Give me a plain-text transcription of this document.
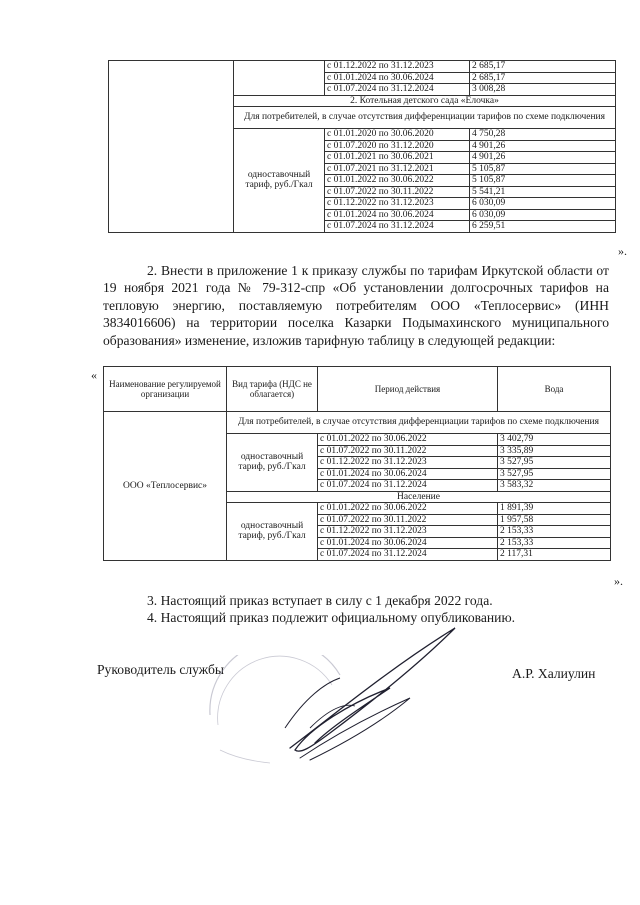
		с 01.12.2022 по 31.12.2023	2 685,17
		с 01.01.2024 по 30.06.2024	2 685,17
		с 01.07.2024 по 31.12.2024	3 008,28
	2. Котельная детского сада «Ёлочка»		
	Для потребителей, в случае отсутствия дифференциации тарифов по схеме подключения		
	одноставочный тариф, руб./Гкал	с 01.01.2020 по 30.06.2020	4 750,28
		с 01.07.2020 по 31.12.2020	4 901,26
		с 01.01.2021 по 30.06.2021	4 901,26
		с 01.07.2021 по 31.12.2021	5 105,87
		с 01.01.2022 по 30.06.2022	5 105,87
		с 01.07.2022 по 30.11.2022	5 541,21
		с 01.12.2022 по 31.12.2023	6 030,09
		с 01.01.2024 по 30.06.2024	6 030,09
		с 01.07.2024 по 31.12.2024	6 259,51
».
2. Внести в приложение 1 к приказу службы по тарифам Иркутской области от 19 ноября 2021 года № 79-312-спр «Об установлении долгосрочных тарифов на тепловую энергию, поставляемую потребителям ООО «Теплосервис» (ИНН 3834016606) на территории поселка Казарки Подымахинского муниципального образования» изменение, изложив тарифную таблицу в следующей редакции:
«
Наименование регулируемой организации	Вид тарифа (НДС не облагается)	Период действия	Вода
ООО «Теплосервис»	Для потребителей, в случае отсутствия дифференциации тарифов по схеме подключения		
	одноставочный тариф, руб./Гкал	с 01.01.2022 по 30.06.2022	3 402,79
		с 01.07.2022 по 30.11.2022	3 335,89
		с 01.12.2022 по 31.12.2023	3 527,95
		с 01.01.2024 по 30.06.2024	3 527,95
		с 01.07.2024 по 31.12.2024	3 583,32
	Население		
	одноставочный тариф, руб./Гкал	с 01.01.2022 по 30.06.2022	1 891,39
		с 01.07.2022 по 30.11.2022	1 957,58
		с 01.12.2022 по 31.12.2023	2 153,33
		с 01.01.2024 по 30.06.2024	2 153,33
		с 01.07.2024 по 31.12.2024	2 117,31
».
3. Настоящий приказ вступает в силу с 1 декабря 2022 года.
4. Настоящий приказ подлежит официальному опубликованию.
Руководитель службы	А.Р. Халиулин
